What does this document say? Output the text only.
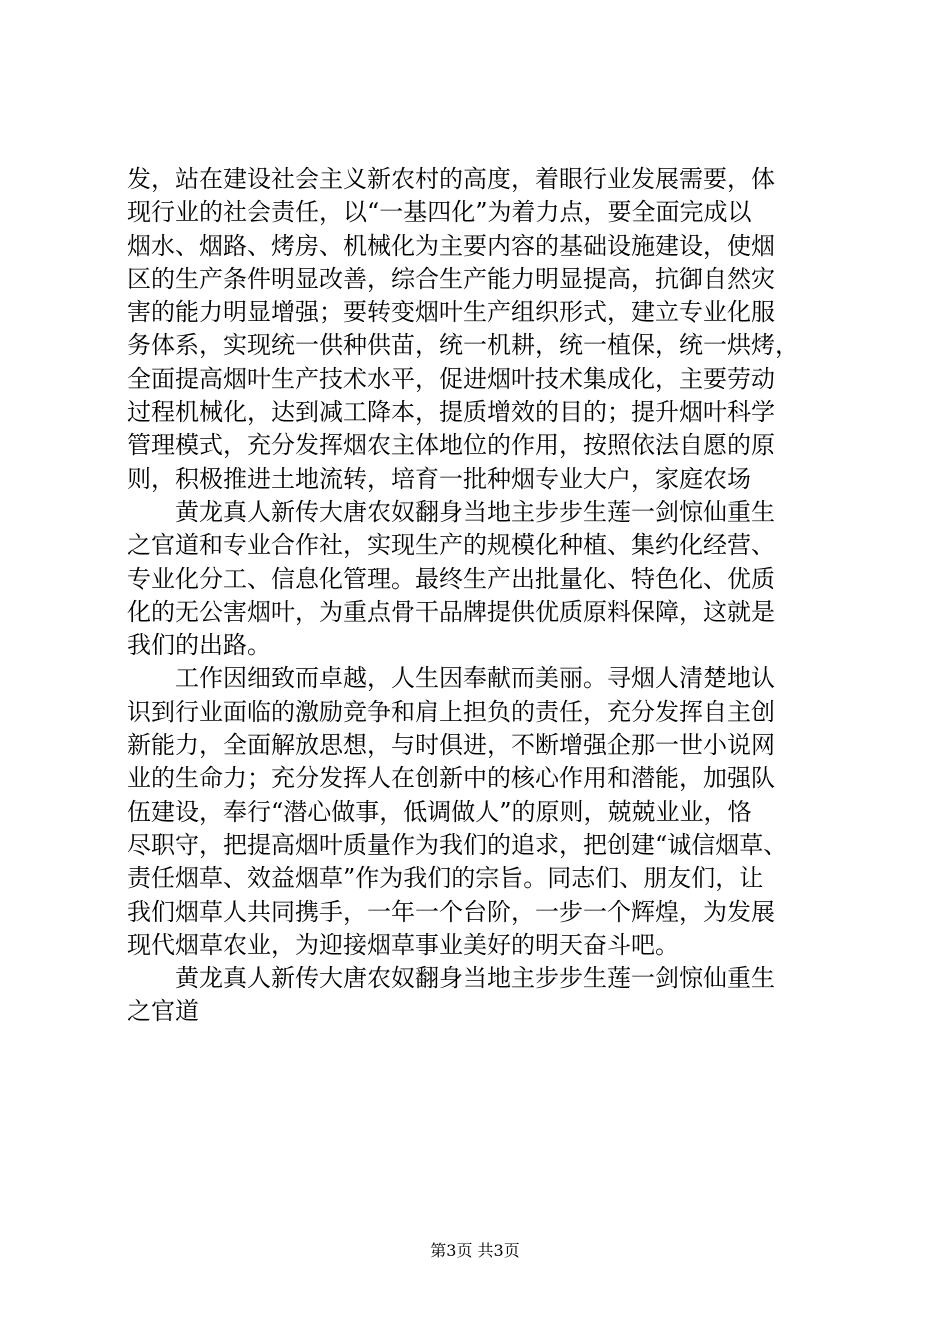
发，站在建设社会主义新农村的高度，着眼行业发展需要，体
现行业的社会责任，以“一基四化”为着力点，要全面完成以
烟水、烟路、烤房、机械化为主要内容的基础设施建设，使烟
区的生产条件明显改善，综合生产能力明显提高，抗御自然灾
害的能力明显增强；要转变烟叶生产组织形式，建立专业化服
务体系，实现统一供种供苗，统一机耕，统一植保，统一烘烤，
全面提高烟叶生产技术水平，促进烟叶技术集成化，主要劳动
过程机械化，达到减工降本，提质增效的目的；提升烟叶科学
管理模式，充分发挥烟农主体地位的作用，按照依法自愿的原
则，积极推进土地流转，培育一批种烟专业大户，家庭农场
　　黄龙真人新传大唐农奴翻身当地主步步生莲一剑惊仙重生
之官道和专业合作社，实现生产的规模化种植、集约化经营、
专业化分工、信息化管理。最终生产出批量化、特色化、优质
化的无公害烟叶，为重点骨干品牌提供优质原料保障，这就是
我们的出路。
　　工作因细致而卓越，人生因奉献而美丽。寻烟人清楚地认
识到行业面临的激励竞争和肩上担负的责任，充分发挥自主创
新能力，全面解放思想，与时俱进，不断增强企那一世小说网
业的生命力；充分发挥人在创新中的核心作用和潜能，加强队
伍建设，奉行“潜心做事，低调做人”的原则，兢兢业业，恪
尽职守，把提高烟叶质量作为我们的追求，把创建“诚信烟草、
责任烟草、效益烟草”作为我们的宗旨。同志们、朋友们，让
我们烟草人共同携手，一年一个台阶，一步一个辉煌，为发展
现代烟草农业，为迎接烟草事业美好的明天奋斗吧。
　　黄龙真人新传大唐农奴翻身当地主步步生莲一剑惊仙重生
之官道
第3页 共3页
